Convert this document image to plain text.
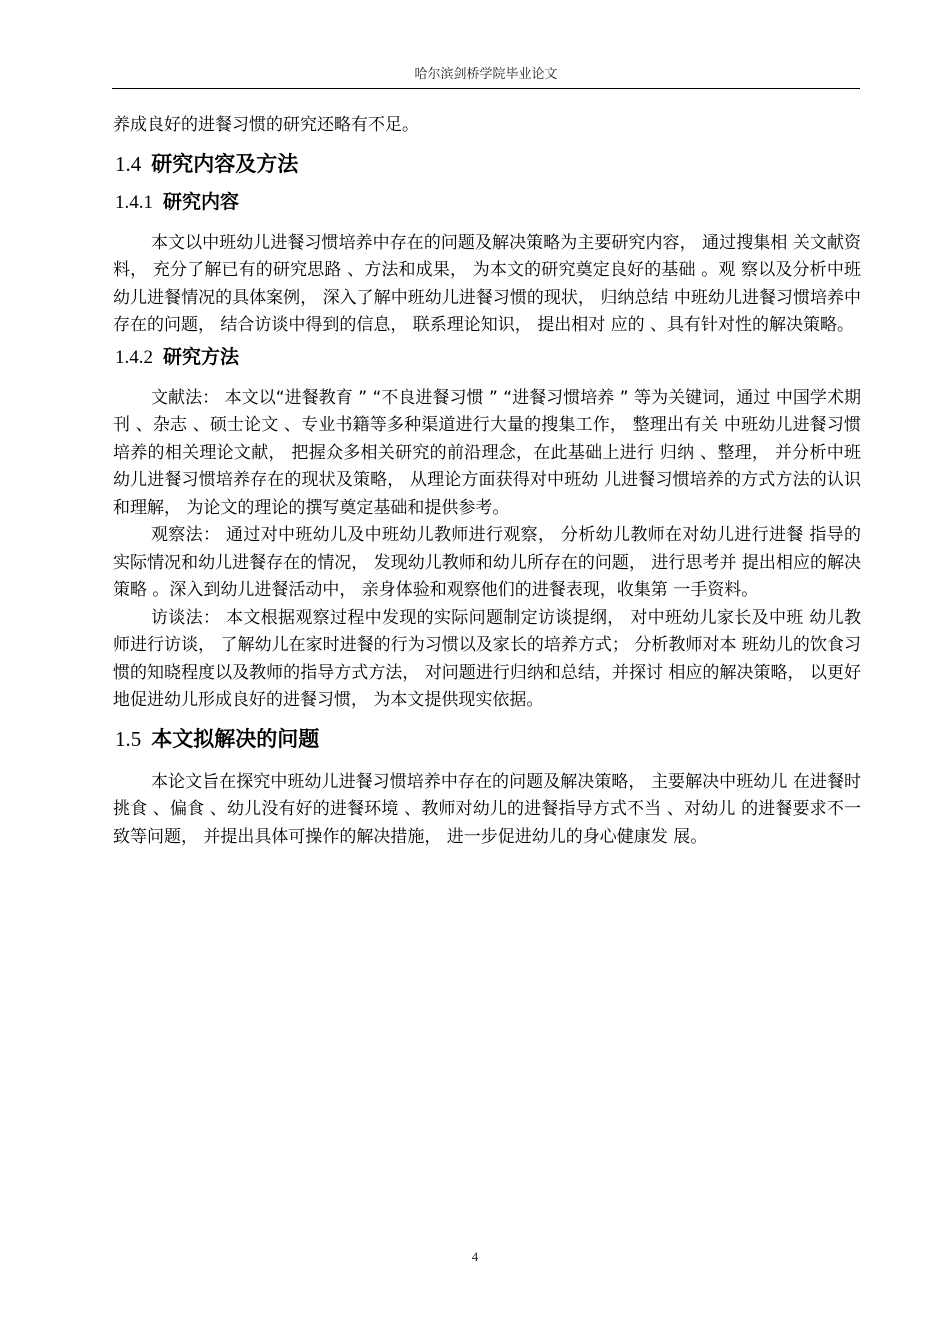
哈尔滨剑桥学院毕业论文

养成良好的进餐习惯的研究还略有不足。

1.4 研究内容及方法
1.4.1 研究内容

本文以中班幼儿进餐习惯培养中存在的问题及解决策略为主要研究内容， 通过搜集相 关文献资料， 充分了解已有的研究思路 、方法和成果， 为本文的研究奠定良好的基础 。观 察以及分析中班幼儿进餐情况的具体案例， 深入了解中班幼儿进餐习惯的现状， 归纳总结 中班幼儿进餐习惯培养中存在的问题， 结合访谈中得到的信息， 联系理论知识， 提出相对 应的 、具有针对性的解决策略。

1.4.2 研究方法

文献法： 本文以“进餐教育 ” “不良进餐习惯 ” “进餐习惯培养 ” 等为关键词，通过 中国学术期刊 、杂志 、硕士论文 、专业书籍等多种渠道进行大量的搜集工作， 整理出有关 中班幼儿进餐习惯培养的相关理论文献， 把握众多相关研究的前沿理念，在此基础上进行 归纳 、整理， 并分析中班幼儿进餐习惯培养存在的现状及策略， 从理论方面获得对中班幼 儿进餐习惯培养的方式方法的认识和理解， 为论文的理论的撰写奠定基础和提供参考。

观察法： 通过对中班幼儿及中班幼儿教师进行观察， 分析幼儿教师在对幼儿进行进餐 指导的实际情况和幼儿进餐存在的情况， 发现幼儿教师和幼儿所存在的问题， 进行思考并 提出相应的解决策略 。深入到幼儿进餐活动中， 亲身体验和观察他们的进餐表现，收集第 一手资料。

访谈法： 本文根据观察过程中发现的实际问题制定访谈提纲， 对中班幼儿家长及中班 幼儿教师进行访谈， 了解幼儿在家时进餐的行为习惯以及家长的培养方式； 分析教师对本 班幼儿的饮食习惯的知晓程度以及教师的指导方式方法， 对问题进行归纳和总结，并探讨 相应的解决策略， 以更好地促进幼儿形成良好的进餐习惯， 为本文提供现实依据。

1.5 本文拟解决的问题

本论文旨在探究中班幼儿进餐习惯培养中存在的问题及解决策略， 主要解决中班幼儿 在进餐时挑食 、偏食 、幼儿没有好的进餐环境 、教师对幼儿的进餐指导方式不当 、对幼儿 的进餐要求不一致等问题， 并提出具体可操作的解决措施， 进一步促进幼儿的身心健康发 展。

4
